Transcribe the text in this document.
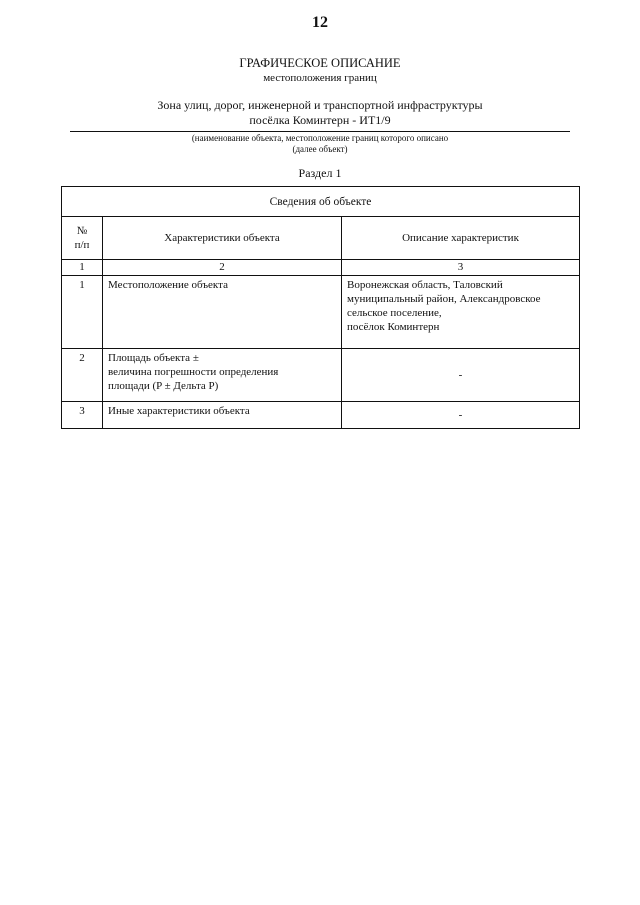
12
ГРАФИЧЕСКОЕ ОПИСАНИЕ
местоположения границ
Зона улиц, дорог, инженерной и транспортной инфраструктуры
посёлка Коминтерн - ИТ1/9
(наименование объекта, местоположение границ которого описано
(далее объект)
Раздел 1
Сведения об объекте		
№
п/п	Характеристики объекта	Описание характеристик
1	2	3
1	Местоположение объекта	Воронежская область, Таловский
муниципальный район, Александровское
сельское поселение,
посёлок Коминтерн
2	Площадь объекта ±
величина погрешности определения
площади (P ± Дельта P)	-
3	Иные характеристики объекта	-
